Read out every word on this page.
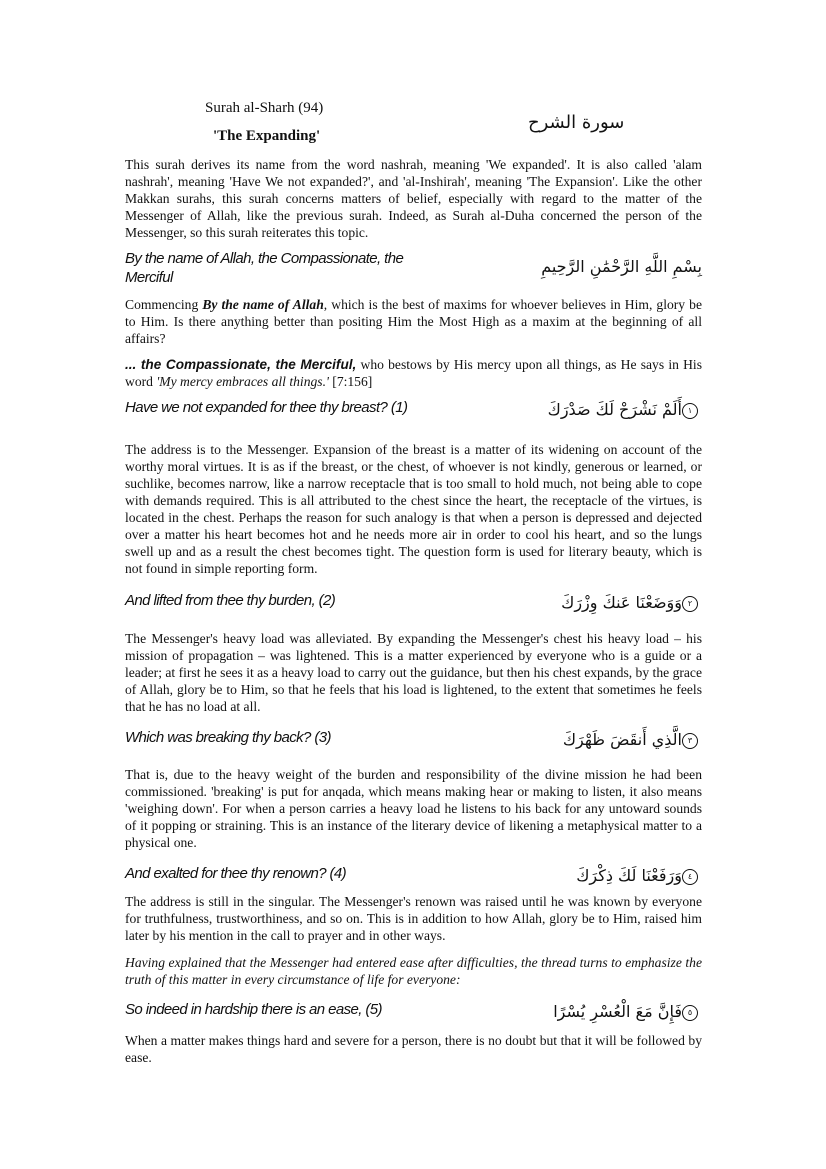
Surah al-Sharh (94)
'The Expanding'
سورة الشرح

This surah derives its name from the word nashrah, meaning 'We expanded'. It is also called 'alam nashrah', meaning 'Have We not expanded?', and 'al-Inshirah', meaning 'The Expansion'. Like the other Makkan surahs, this surah concerns matters of belief, especially with regard to the matter of the Messenger of Allah, like the previous surah. Indeed, as Surah al-Duha concerned the person of the Messenger, so this surah reiterates this topic.

By the name of Allah, the Compassionate, the Merciful
بِسْمِ اللَّهِ الرَّحْمَٰنِ الرَّحِيمِ

Commencing By the name of Allah, which is the best of maxims for whoever believes in Him, glory be to Him. Is there anything better than positing Him the Most High as a maxim at the beginning of all affairs?

... the Compassionate, the Merciful, who bestows by His mercy upon all things, as He says in His word 'My mercy embraces all things.' [7:156]

Have we not expanded for thee thy breast? (1)	١أَلَمْ نَشْرَحْ لَكَ صَدْرَكَ

The address is to the Messenger. Expansion of the breast is a matter of its widening on account of the worthy moral virtues. It is as if the breast, or the chest, of whoever is not kindly, generous or learned, or suchlike, becomes narrow, like a narrow receptacle that is too small to hold much, not being able to cope with demands required. This is all attributed to the chest since the heart, the receptacle of the virtues, is located in the chest. Perhaps the reason for such analogy is that when a person is depressed and dejected over a matter his heart becomes hot and he needs more air in order to cool his heart, and so the lungs swell up and as a result the chest becomes tight. The question form is used for literary beauty, which is not found in simple reporting form.

And lifted from thee thy burden, (2)	٢وَوَضَعْنَا عَنكَ وِزْرَكَ

The Messenger's heavy load was alleviated. By expanding the Messenger's chest his heavy load – his mission of propagation – was lightened. This is a matter experienced by everyone who is a guide or a leader; at first he sees it as a heavy load to carry out the guidance, but then his chest expands, by the grace of Allah, glory be to Him, so that he feels that his load is lightened, to the extent that sometimes he feels that he has no load at all.

Which was breaking thy back? (3)	٣الَّذِي أَنقَضَ ظَهْرَكَ

That is, due to the heavy weight of the burden and responsibility of the divine mission he had been commissioned. 'breaking' is put for anqada, which means making hear or making to listen, it also means 'weighing down'. For when a person carries a heavy load he listens to his back for any untoward sounds of it popping or straining. This is an instance of the literary device of likening a metaphysical matter to a physical one.

And exalted for thee thy renown? (4)	٤وَرَفَعْنَا لَكَ ذِكْرَكَ

The address is still in the singular. The Messenger's renown was raised until he was known by everyone for truthfulness, trustworthiness, and so on. This is in addition to how Allah, glory be to Him, raised him later by his mention in the call to prayer and in other ways.

Having explained that the Messenger had entered ease after difficulties, the thread turns to emphasize the truth of this matter in every circumstance of life for everyone:

So indeed in hardship there is an ease, (5)	٥فَإِنَّ مَعَ الْعُسْرِ يُسْرًا

When a matter makes things hard and severe for a person, there is no doubt but that it will be followed by ease.
